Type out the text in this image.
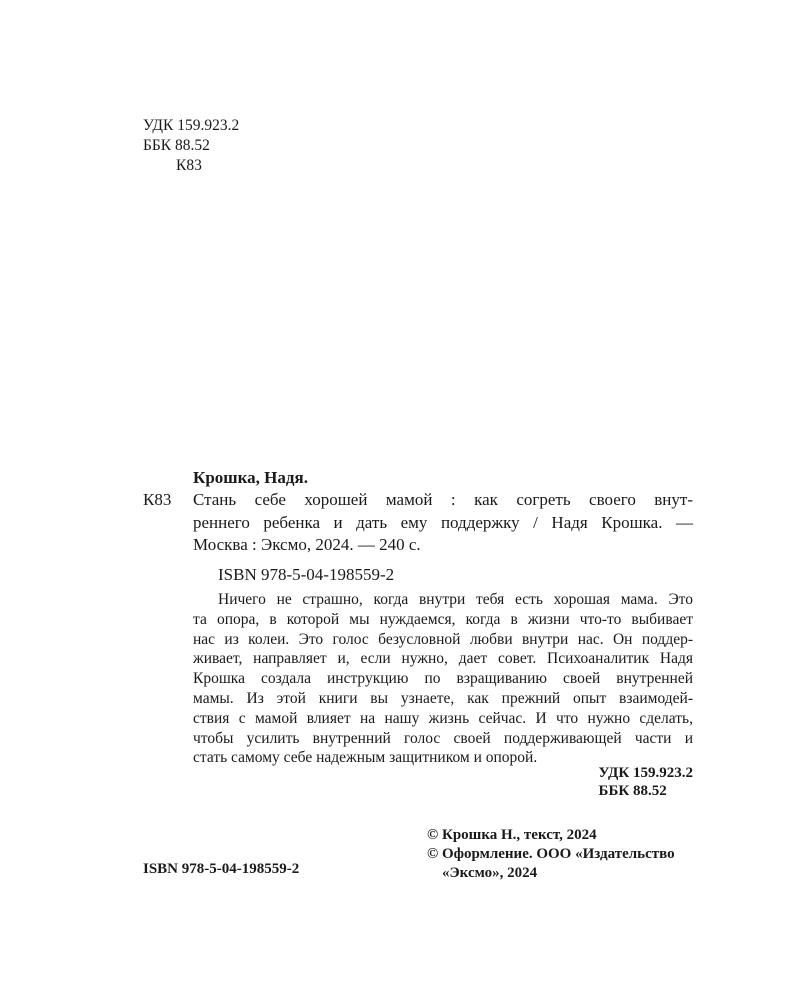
УДК 159.923.2
ББК 88.52
К83
Крошка, Надя.
К83 Стань себе хорошей мамой : как согреть своего внут-
реннего ребенка и дать ему поддержку / Надя Крошка. —
Москва : Эксмо, 2024. — 240 с.
ISBN 978-5-04-198559-2
Ничего не страшно, когда внутри тебя есть хорошая мама. Это
та опора, в которой мы нуждаемся, когда в жизни что-то выбивает
нас из колеи. Это голос безусловной любви внутри нас. Он поддер-
живает, направляет и, если нужно, дает совет. Психоаналитик Надя
Крошка создала инструкцию по взращиванию своей внутренней
мамы. Из этой книги вы узнаете, как прежний опыт взаимодей-
ствия с мамой влияет на нашу жизнь сейчас. И что нужно сделать,
чтобы усилить внутренний голос своей поддерживающей части и
стать самому себе надежным защитником и опорой.
УДК 159.923.2
ББК 88.52
© Крошка Н., текст, 2024
© Оформление. ООО «Издательство
«Эксмо», 2024
ISBN 978-5-04-198559-2
